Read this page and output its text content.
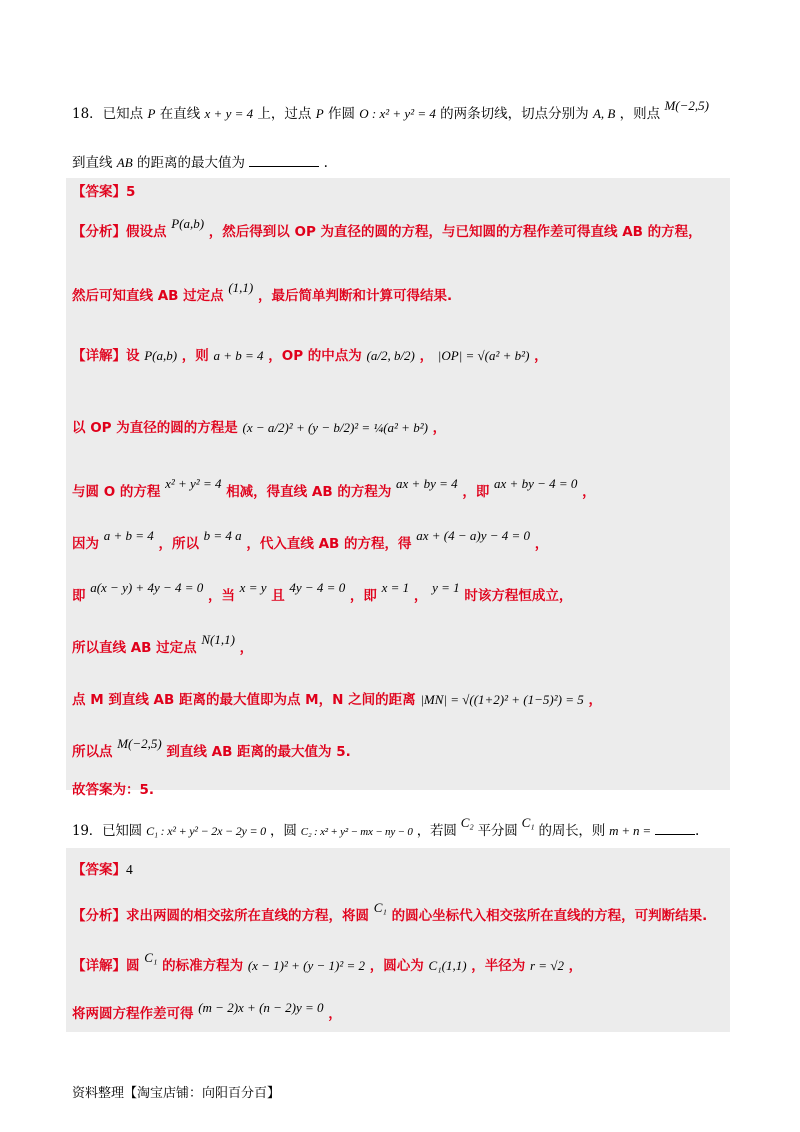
18．已知点 P 在直线 x + y = 4 上，过点 P 作圆 O : x² + y² = 4 的两条切线，切点分别为 A, B ，则点 M(−2,5)
到直线 AB 的距离的最大值为	.
【答案】5
【分析】假设点 P(a,b) ，然后得到以 OP 为直径的圆的方程，与已知圆的方程作差可得直线 AB 的方程，
然后可知直线 AB 过定点 (1,1) ，最后简单判断和计算可得结果.
【详解】设 P(a,b) ，则 a + b = 4 ，OP 的中点为 (a/2, b/2) ， |OP| = √(a² + b²) ，
以 OP 为直径的圆的方程是 (x − a/2)² + (y − b/2)² = ¼(a² + b²) ，
与圆 O 的方程 x² + y² = 4 相减，得直线 AB 的方程为 ax + by = 4 ，即 ax + by − 4 = 0 ，
因为 a + b = 4 ，所以 b = 4 a ，代入直线 AB 的方程，得 ax + (4 − a)y − 4 = 0 ，
即 a(x − y) + 4y − 4 = 0 ，当 x = y 且 4y − 4 = 0 ，即 x = 1 ， y = 1 时该方程恒成立，
所以直线 AB 过定点 N(1,1) ，
点 M 到直线 AB 距离的最大值即为点 M，N 之间的距离 |MN| = √((1+2)² + (1−5)²) = 5 ，
所以点 M(−2,5) 到直线 AB 距离的最大值为 5.
故答案为：5.
19．已知圆 C₁ : x² + y² − 2x − 2y = 0 ，圆 C₂ : x² + y² − mx − ny − 0 ，若圆 C₂ 平分圆 C₁ 的周长，则 m + n =	.
【答案】4
【分析】求出两圆的相交弦所在直线的方程，将圆 C₁ 的圆心坐标代入相交弦所在直线的方程，可判断结果.
【详解】圆 C₁ 的标准方程为 (x − 1)² + (y − 1)² = 2 ，圆心为 C₁(1,1) ，半径为 r = √2 ，
将两圆方程作差可得 (m − 2)x + (n − 2)y = 0 ，
资料整理【淘宝店铺：向阳百分百】
